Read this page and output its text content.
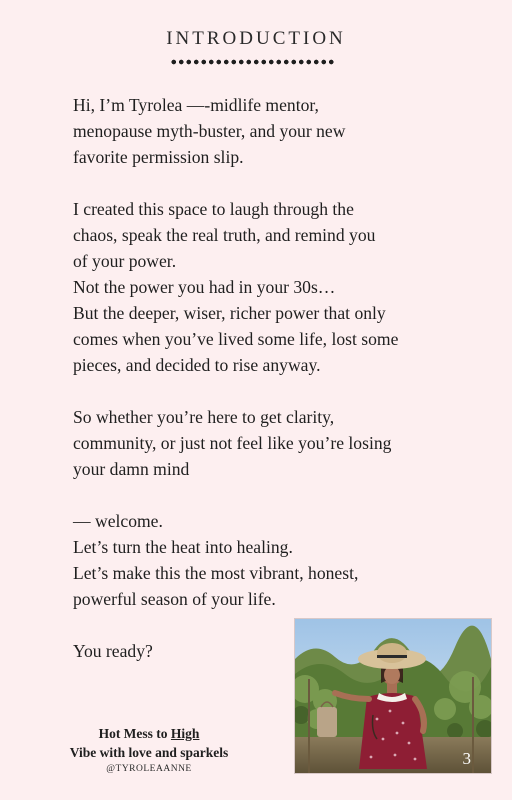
INTRODUCTION

Hi, I’m Tyrolea —-midlife mentor,
menopause myth-buster, and your new
favorite permission slip.

I created this space to laugh through the
chaos, speak the real truth, and remind you
of your power.
Not the power you had in your 30s…
But the deeper, wiser, richer power that only
comes when you’ve lived some life, lost some
pieces, and decided to rise anyway.

So whether you’re here to get clarity,
community, or just not feel like you’re losing
your damn mind

— welcome.
Let’s turn the heat into healing.
Let’s make this the most vibrant, honest,
powerful season of your life.

You ready?

3
Hot Mess to High
Vibe with love and sparkels
@TYROLEAANNE
